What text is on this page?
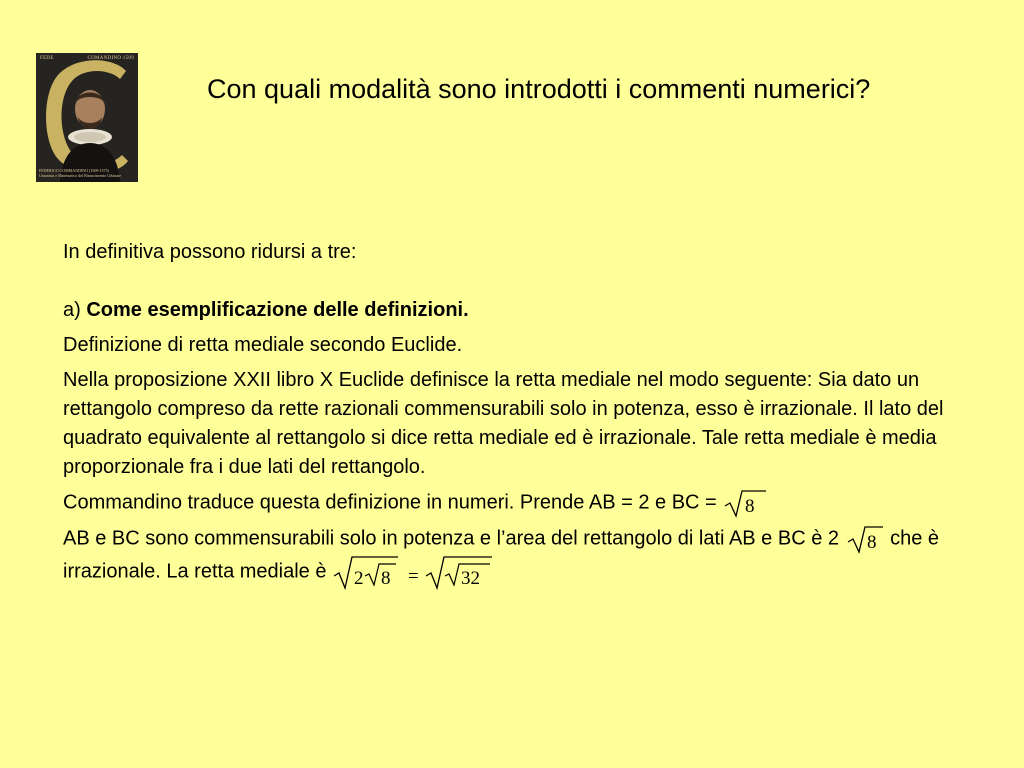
FEDE	COMANDINO 1509
FEDERICO COMMANDINO (1509-1575)
Umanista e Matematico del Rinascimento Urbinate
Con quali modalità sono introdotti i commenti numerici?

In definitiva possono ridursi a tre:

a) Come esemplificazione delle definizioni.

Definizione di retta mediale secondo Euclide.

Nella proposizione XXII libro X Euclide definisce la retta mediale nel modo seguente: Sia dato un rettangolo compreso da rette razionali commensurabili solo in potenza, esso è irrazionale. Il lato del quadrato equivalente al rettangolo si dice retta mediale ed è irrazionale. Tale retta mediale è media proporzionale fra i due lati del rettangolo.

Commandino traduce questa definizione in numeri. Prende AB = 2 e BC = 8

AB e BC sono commensurabili solo in potenza e l’area del rettangolo di lati AB e BC è 2 8 che è irrazionale. La retta mediale è 2 8 = 32
